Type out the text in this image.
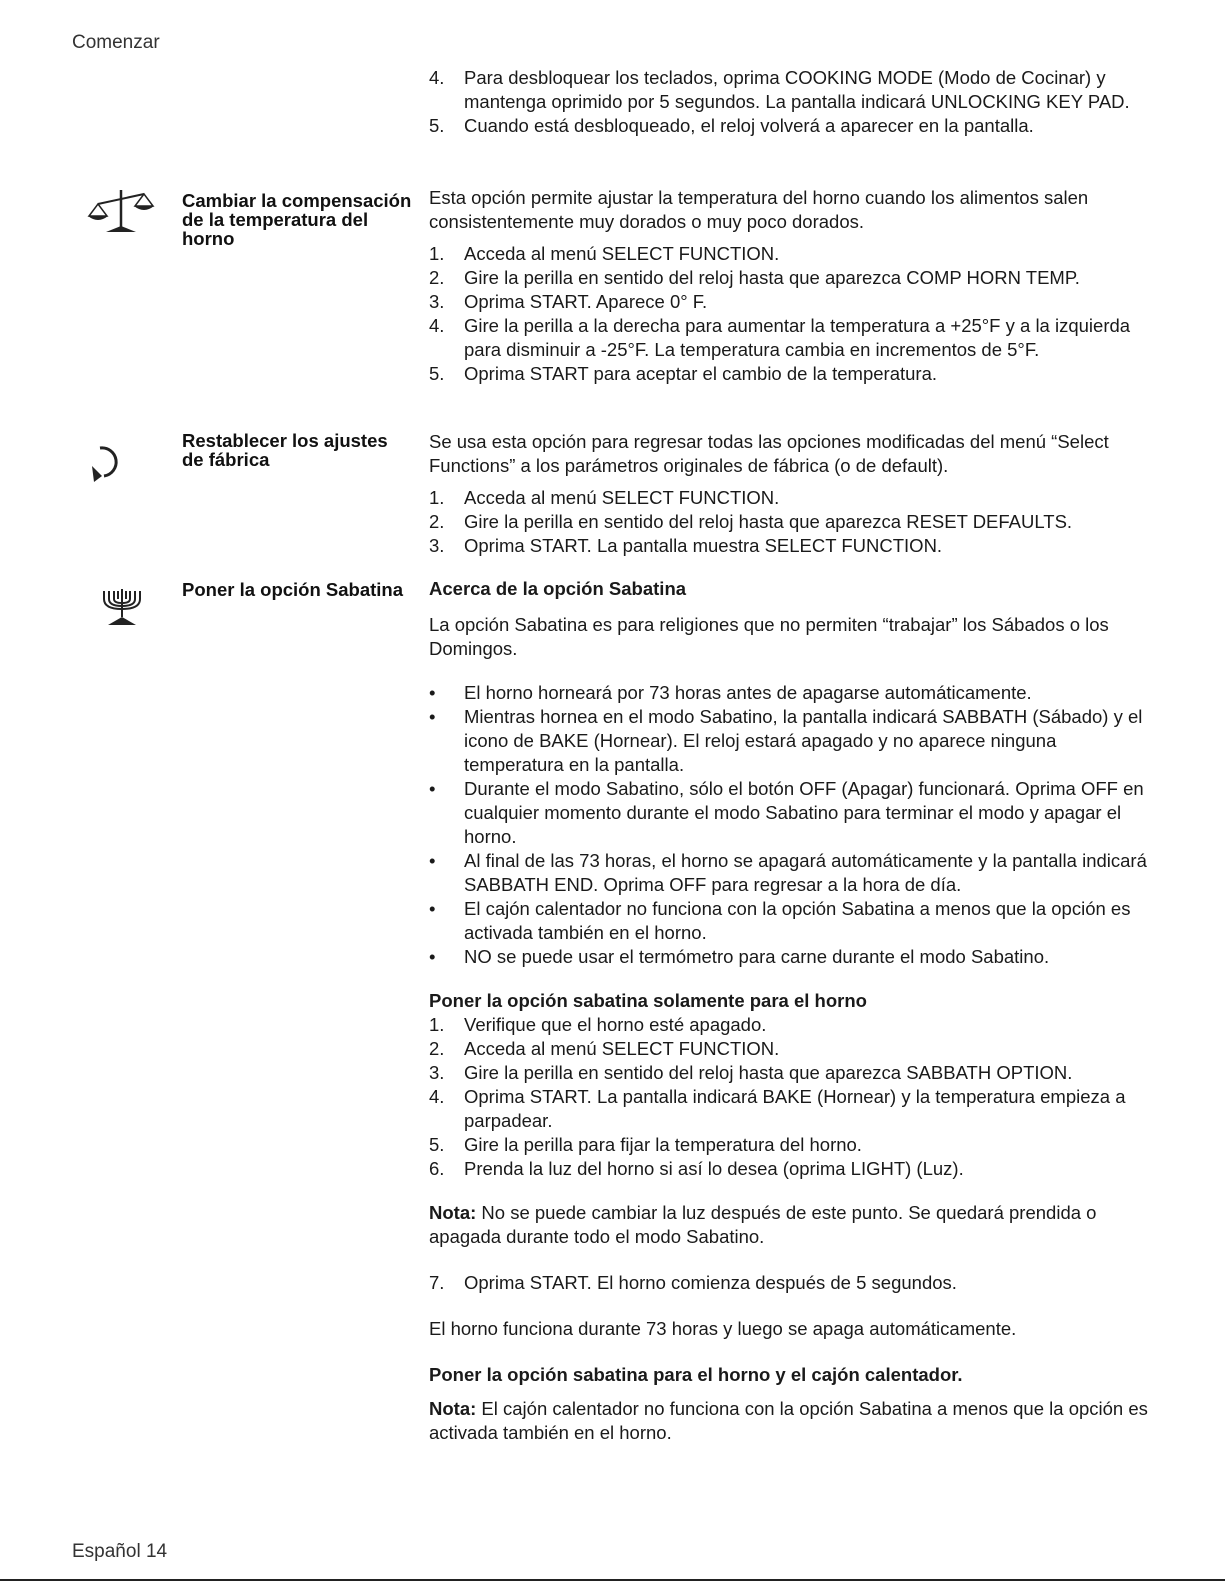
Comenzar
4. Para desbloquear los teclados, oprima COOKING MODE (Modo de Cocinar) y mantenga oprimido por 5 segundos. La pantalla indicará UNLOCKING KEY PAD.
5. Cuando está desbloqueado, el reloj volverá a aparecer en la pantalla.
Cambiar la compensación de la temperatura del horno

Esta opción permite ajustar la temperatura del horno cuando los alimentos salen consistentemente muy dorados o muy poco dorados.

1. Acceda al menú SELECT FUNCTION.
2. Gire la perilla en sentido del reloj hasta que aparezca COMP HORN TEMP.
3. Oprima START. Aparece 0° F.
4. Gire la perilla a la derecha para aumentar la temperatura a +25°F y a la izquierda para disminuir a -25°F. La temperatura cambia en incrementos de 5°F.
5. Oprima START para aceptar el cambio de la temperatura.
Restablecer los ajustes de fábrica

Se usa esta opción para regresar todas las opciones modificadas del menú “Select Functions” a los parámetros originales de fábrica (o de default).

1. Acceda al menú SELECT FUNCTION.
2. Gire la perilla en sentido del reloj hasta que aparezca RESET DEFAULTS.
3. Oprima START. La pantalla muestra SELECT FUNCTION.
Poner la opción Sabatina	Acerca de la opción Sabatina

La opción Sabatina es para religiones que no permiten “trabajar” los Sábados o los Domingos.

• El horno horneará por 73 horas antes de apagarse automáticamente.
• Mientras hornea en el modo Sabatino, la pantalla indicará SABBATH (Sábado) y el icono de BAKE (Hornear). El reloj estará apagado y no aparece ninguna temperatura en la pantalla.
• Durante el modo Sabatino, sólo el botón OFF (Apagar) funcionará. Oprima OFF en cualquier momento durante el modo Sabatino para terminar el modo y apagar el horno.
• Al final de las 73 horas, el horno se apagará automáticamente y la pantalla indicará SABBATH END. Oprima OFF para regresar a la hora de día.
• El cajón calentador no funciona con la opción Sabatina a menos que la opción es activada también en el horno.
• NO se puede usar el termómetro para carne durante el modo Sabatino.

Poner la opción sabatina solamente para el horno

1. Verifique que el horno esté apagado.
2. Acceda al menú SELECT FUNCTION.
3. Gire la perilla en sentido del reloj hasta que aparezca SABBATH OPTION.
4. Oprima START. La pantalla indicará BAKE (Hornear) y la temperatura empieza a parpadear.
5. Gire la perilla para fijar la temperatura del horno.
6. Prenda la luz del horno si así lo desea (oprima LIGHT) (Luz).

Nota: No se puede cambiar la luz después de este punto. Se quedará prendida o apagada durante todo el modo Sabatino.

7. Oprima START. El horno comienza después de 5 segundos.

El horno funciona durante 73 horas y luego se apaga automáticamente.

Poner la opción sabatina para el horno y el cajón calentador.

Nota: El cajón calentador no funciona con la opción Sabatina a menos que la opción es activada también en el horno.

Español 14
